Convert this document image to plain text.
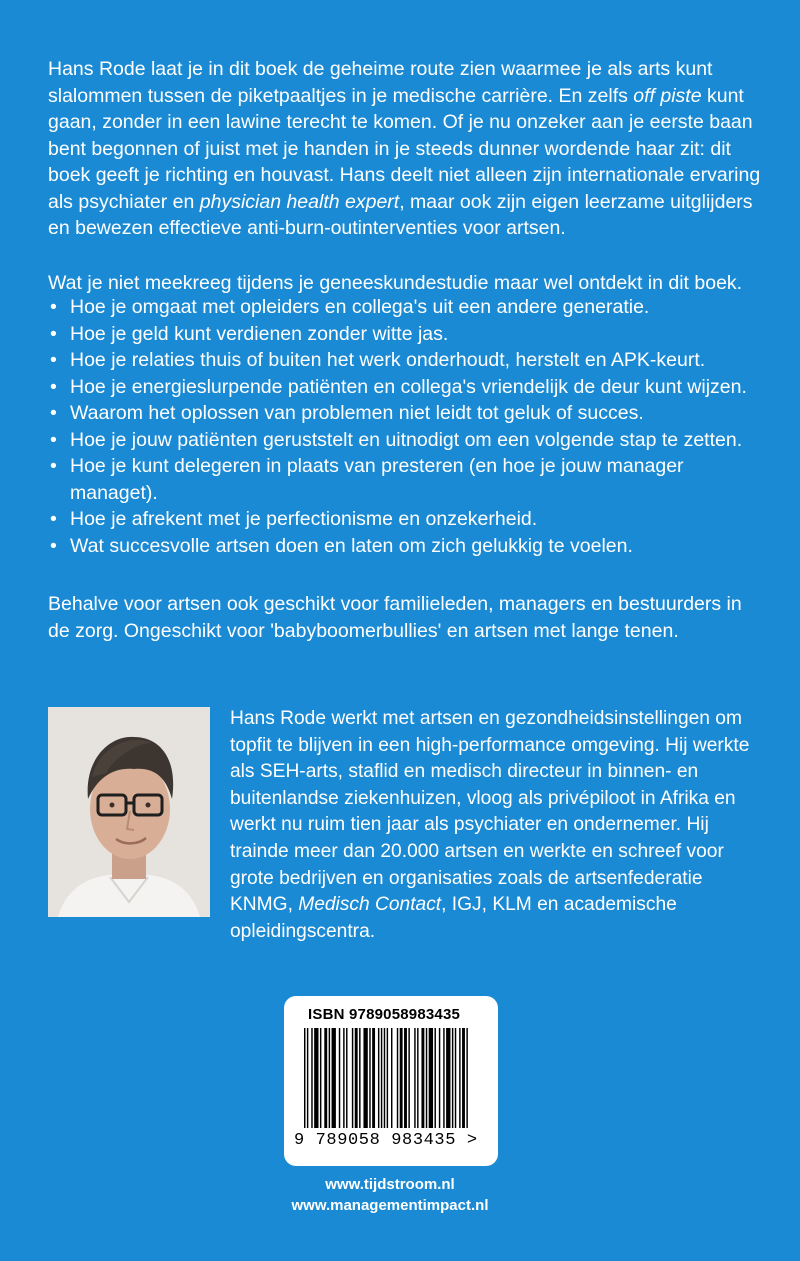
Hans Rode laat je in dit boek de geheime route zien waarmee je als arts kunt slalommen tussen de piketpaaltjes in je medische carrière. En zelfs off piste kunt gaan, zonder in een lawine terecht te komen. Of je nu onzeker aan je eerste baan bent begonnen of juist met je handen in je steeds dunner wordende haar zit: dit boek geeft je richting en houvast. Hans deelt niet alleen zijn internationale ervaring als psychiater en physician health expert, maar ook zijn eigen leerzame uitglijders en bewezen effectieve anti-burn-outinterventies voor artsen.

Wat je niet meekreeg tijdens je geneeskundestudie maar wel ontdekt in dit boek.

• Hoe je omgaat met opleiders en collega's uit een andere generatie.
• Hoe je geld kunt verdienen zonder witte jas.
• Hoe je relaties thuis of buiten het werk onderhoudt, herstelt en APK-keurt.
• Hoe je energieslurpende patiënten en collega's vriendelijk de deur kunt wijzen.
• Waarom het oplossen van problemen niet leidt tot geluk of succes.
• Hoe je jouw patiënten geruststelt en uitnodigt om een volgende stap te zetten.
• Hoe je kunt delegeren in plaats van presteren (en hoe je jouw manager managet).
• Hoe je afrekent met je perfectionisme en onzekerheid.
• Wat succesvolle artsen doen en laten om zich gelukkig te voelen.

Behalve voor artsen ook geschikt voor familieleden, managers en bestuurders in de zorg. Ongeschikt voor 'babyboomerbullies' en artsen met lange tenen.

Hans Rode werkt met artsen en gezondheidsinstellingen om topfit te blijven in een high-performance omgeving. Hij werkte als SEH-arts, staflid en medisch directeur in binnen- en buitenlandse ziekenhuizen, vloog als privépiloot in Afrika en werkt nu ruim tien jaar als psychiater en ondernemer. Hij trainde meer dan 20.000 artsen en werkte en schreef voor grote bedrijven en organisaties zoals de artsenfederatie KNMG, Medisch Contact, IGJ, KLM en academische opleidingscentra.

ISBN 9789058983435
9 789058 983435 >
www.tijdstroom.nl
www.managementimpact.nl
